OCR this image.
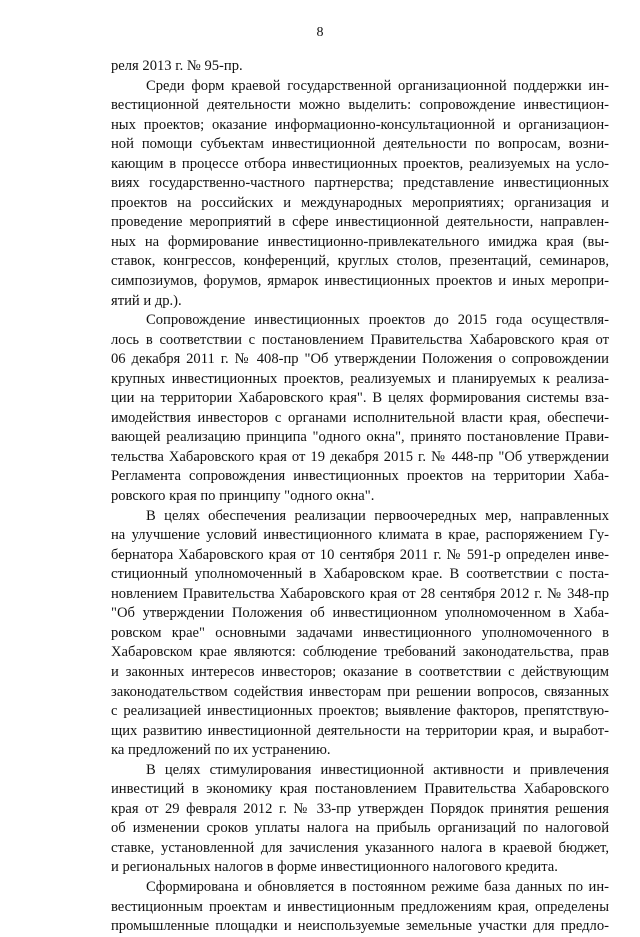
8
реля 2013 г. № 95-пр.
Среди форм краевой государственной организационной поддержки ин-
вестиционной деятельности можно выделить: сопровождение инвестицион-
ных проектов; оказание информационно-консультационной и организацион-
ной помощи субъектам инвестиционной деятельности по вопросам, возни-
кающим в процессе отбора инвестиционных проектов, реализуемых на усло-
виях государственно-частного партнерства; представление инвестиционных
проектов на российских и международных мероприятиях; организация и
проведение мероприятий в сфере инвестиционной деятельности, направлен-
ных на формирование инвестиционно-привлекательного имиджа края (вы-
ставок, конгрессов, конференций, круглых столов, презентаций, семинаров,
симпозиумов, форумов, ярмарок инвестиционных проектов и иных меропри-
ятий и др.).
Сопровождение инвестиционных проектов до 2015 года осуществля-
лось в соответствии с постановлением Правительства Хабаровского края от
06 декабря 2011 г. № 408-пр "Об утверждении Положения о сопровождении
крупных инвестиционных проектов, реализуемых и планируемых к реализа-
ции на территории Хабаровского края". В целях формирования системы вза-
имодействия инвесторов с органами исполнительной власти края, обеспечи-
вающей реализацию принципа "одного окна", принято постановление Прави-
тельства Хабаровского края от 19 декабря 2015 г. № 448-пр "Об утверждении
Регламента сопровождения инвестиционных проектов на территории Хаба-
ровского края по принципу "одного окна".
В целях обеспечения реализации первоочередных мер, направленных
на улучшение условий инвестиционного климата в крае, распоряжением Гу-
бернатора Хабаровского края от 10 сентября 2011 г. № 591-р определен инве-
стиционный уполномоченный в Хабаровском крае. В соответствии с поста-
новлением Правительства Хабаровского края от 28 сентября 2012 г. № 348-пр
"Об утверждении Положения об инвестиционном уполномоченном в Хаба-
ровском крае" основными задачами инвестиционного уполномоченного в
Хабаровском крае являются: соблюдение требований законодательства, прав
и законных интересов инвесторов; оказание в соответствии с действующим
законодательством содействия инвесторам при решении вопросов, связанных
с реализацией инвестиционных проектов; выявление факторов, препятствую-
щих развитию инвестиционной деятельности на территории края, и выработ-
ка предложений по их устранению.
В целях стимулирования инвестиционной активности и привлечения
инвестиций в экономику края постановлением Правительства Хабаровского
края от 29 февраля 2012 г. № 33-пр утвержден Порядок принятия решения
об изменении сроков уплаты налога на прибыль организаций по налоговой
ставке, установленной для зачисления указанного налога в краевой бюджет,
и региональных налогов в форме инвестиционного налогового кредита.
Сформирована и обновляется в постоянном режиме база данных по ин-
вестиционным проектам и инвестиционным предложениям края, определены
промышленные площадки и неиспользуемые земельные участки для предло-
